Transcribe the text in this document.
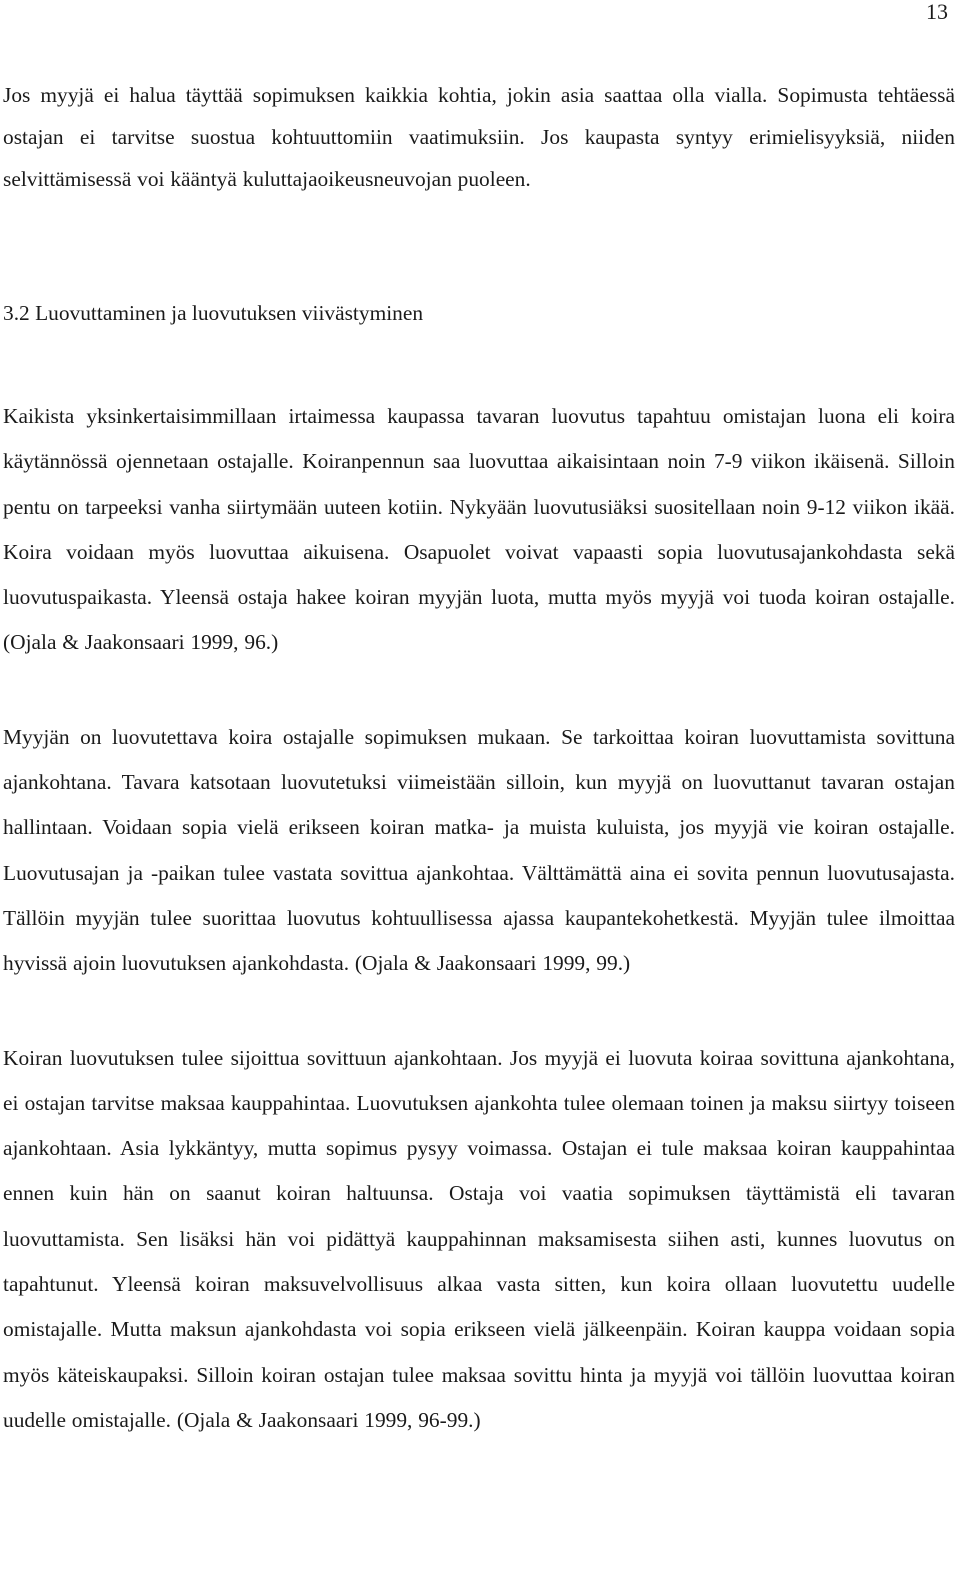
13

Jos myyjä ei halua täyttää sopimuksen kaikkia kohtia, jokin asia saattaa olla vialla. Sopimusta tehtäessä ostajan ei tarvitse suostua kohtuuttomiin vaatimuksiin. Jos kaupasta syntyy erimielisyyksiä, niiden selvittämisessä voi kääntyä kuluttajaoikeusneuvojan puoleen.

3.2 Luovuttaminen ja luovutuksen viivästyminen

Kaikista yksinkertaisimmillaan irtaimessa kaupassa tavaran luovutus tapahtuu omistajan luona eli koira käytännössä ojennetaan ostajalle. Koiranpennun saa luovuttaa aikaisintaan noin 7-9 viikon ikäisenä. Silloin pentu on tarpeeksi vanha siirtymään uuteen kotiin. Nykyään luovutusiäksi suositellaan noin 9-12 viikon ikää. Koira voidaan myös luovuttaa aikuisena. Osapuolet voivat vapaasti sopia luovutusajankohdasta sekä luovutuspaikasta. Yleensä ostaja hakee koiran myyjän luota, mutta myös myyjä voi tuoda koiran ostajalle. (Ojala & Jaakonsaari 1999, 96.)

Myyjän on luovutettava koira ostajalle sopimuksen mukaan. Se tarkoittaa koiran luovuttamista sovittuna ajankohtana. Tavara katsotaan luovutetuksi viimeistään silloin, kun myyjä on luovuttanut tavaran ostajan hallintaan. Voidaan sopia vielä erikseen koiran matka- ja muista kuluista, jos myyjä vie koiran ostajalle. Luovutusajan ja -paikan tulee vastata sovittua ajankohtaa. Välttämättä aina ei sovita pennun luovutusajasta. Tällöin myyjän tulee suorittaa luovutus kohtuullisessa ajassa kaupantekohetkestä. Myyjän tulee ilmoittaa hyvissä ajoin luovutuksen ajankohdasta. (Ojala & Jaakonsaari 1999, 99.)

Koiran luovutuksen tulee sijoittua sovittuun ajankohtaan. Jos myyjä ei luovuta koiraa sovittuna ajankohtana, ei ostajan tarvitse maksaa kauppahintaa. Luovutuksen ajankohta tulee olemaan toinen ja maksu siirtyy toiseen ajankohtaan. Asia lykkäntyy, mutta sopimus pysyy voimassa. Ostajan ei tule maksaa koiran kauppahintaa ennen kuin hän on saanut koiran haltuunsa. Ostaja voi vaatia sopimuksen täyttämistä eli tavaran luovuttamista. Sen lisäksi hän voi pidättyä kauppahinnan maksamisesta siihen asti, kunnes luovutus on tapahtunut. Yleensä koiran maksuvelvollisuus alkaa vasta sitten, kun koira ollaan luovutettu uudelle omistajalle. Mutta maksun ajankohdasta voi sopia erikseen vielä jälkeenpäin. Koiran kauppa voidaan sopia myös käteiskaupaksi. Silloin koiran ostajan tulee maksaa sovittu hinta ja myyjä voi tällöin luovuttaa koiran uudelle omistajalle. (Ojala & Jaakonsaari 1999, 96-99.)
